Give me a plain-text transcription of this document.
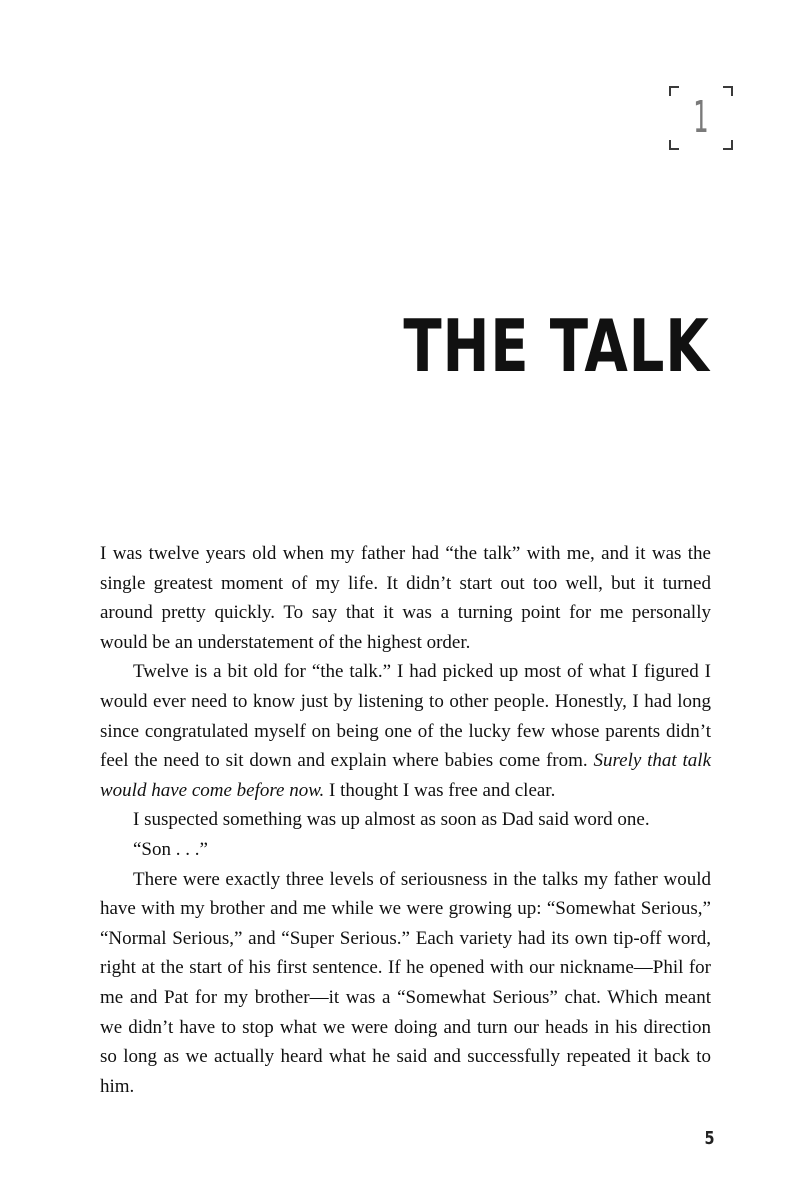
1
THE TALK

I was twelve years old when my father had “the talk” with me, and it was the single greatest moment of my life. It didn’t start out too well, but it turned around pretty quickly. To say that it was a turning point for me personally would be an understatement of the highest order.

Twelve is a bit old for “the talk.” I had picked up most of what I figured I would ever need to know just by listening to other people. Honestly, I had long since congratulated myself on being one of the lucky few whose parents didn’t feel the need to sit down and explain where babies come from. Surely that talk would have come before now. I thought I was free and clear.

I suspected something was up almost as soon as Dad said word one.

“Son . . .”

There were exactly three levels of seriousness in the talks my father would have with my brother and me while we were growing up: “Somewhat Serious,” “Normal Serious,” and “Super Serious.” Each variety had its own tip-off word, right at the start of his first sentence. If he opened with our nickname—Phil for me and Pat for my brother—it was a “Somewhat Serious” chat. Which meant we didn’t have to stop what we were doing and turn our heads in his direction so long as we actually heard what he said and successfully repeated it back to him.

5
